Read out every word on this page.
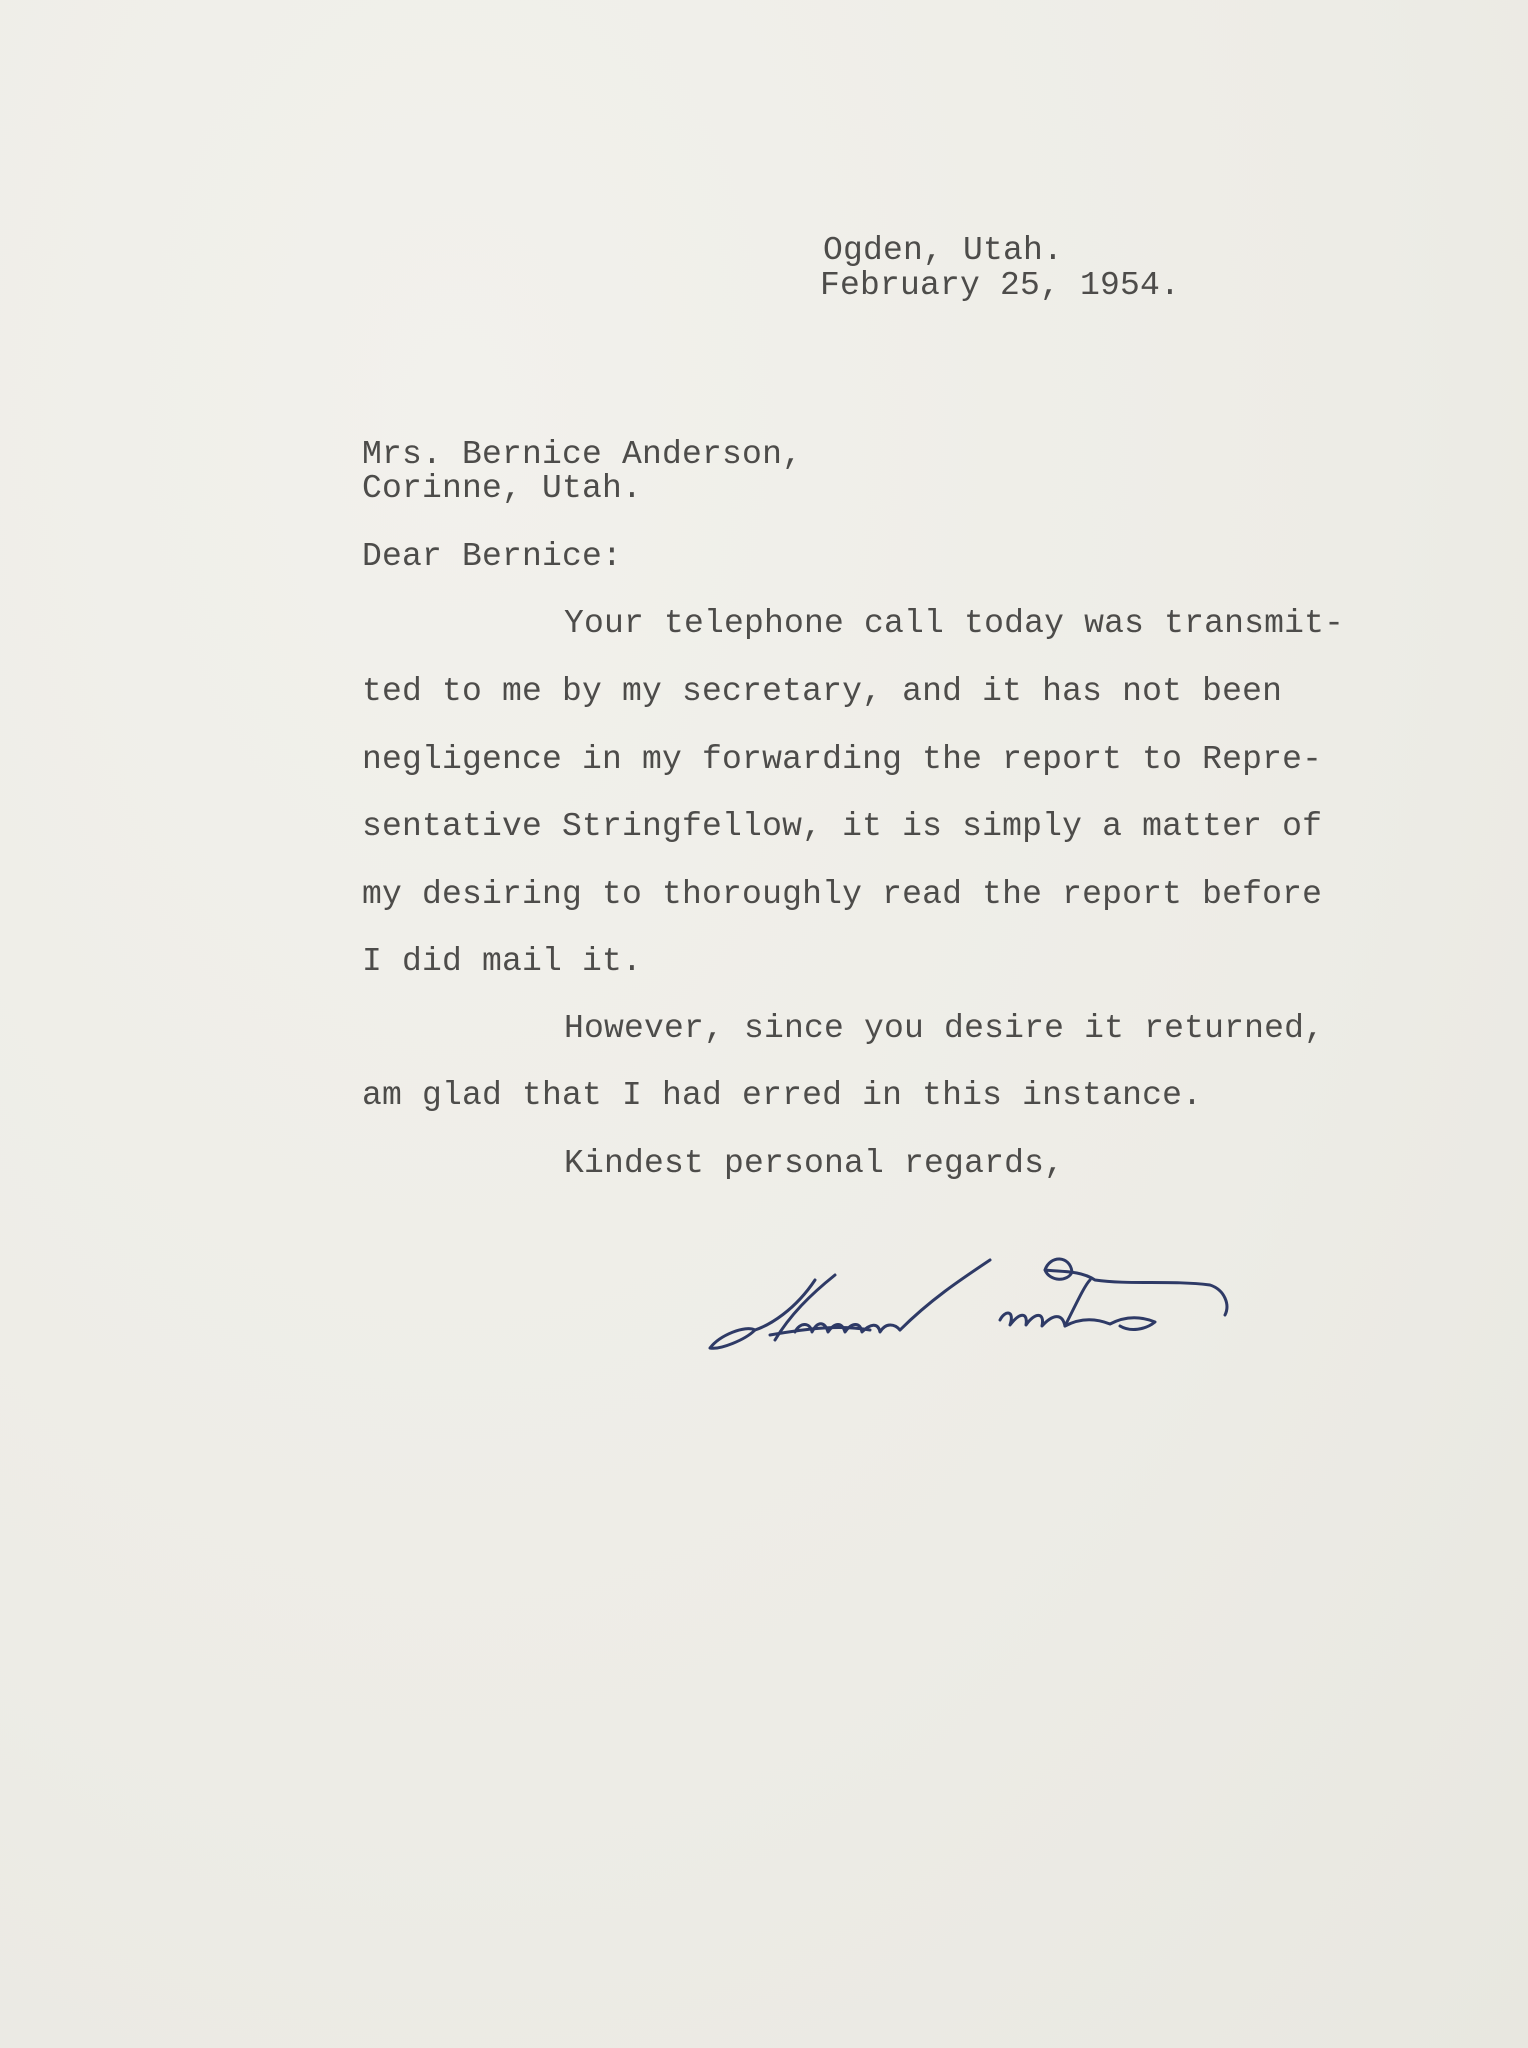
Ogden, Utah.
February 25, 1954.
Mrs. Bernice Anderson,
Corinne, Utah.
Dear Bernice:
Your telephone call today was transmit-
ted to me by my secretary, and it has not been
negligence in my forwarding the report to Repre-
sentative Stringfellow, it is simply a matter of
my desiring to thoroughly read the report before
I did mail it.
However, since you desire it returned,
am glad that I had erred in this instance.
Kindest personal regards,
